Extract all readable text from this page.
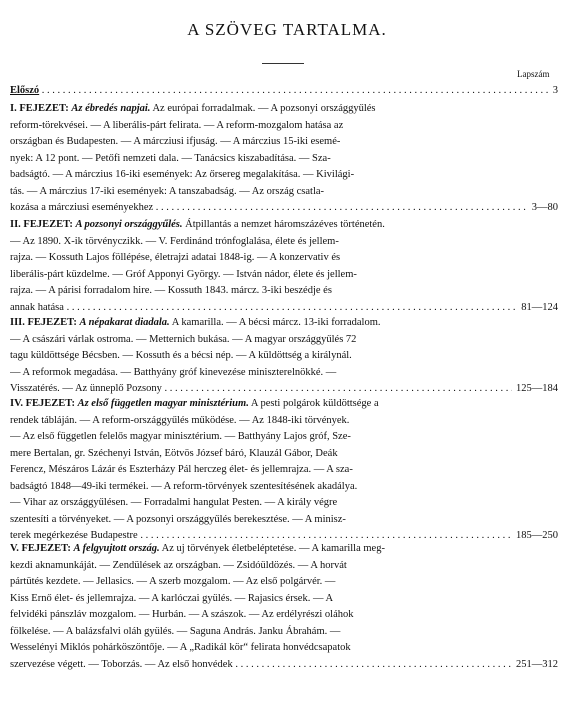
A SZÖVEG TARTALMA.
Lapszám
Előszó . . .	3
I. FEJEZET: Az ébredés napjai. Az európai forradalmak. — A pozsonyi országgyűlés
reform-törekvései. — A liberális-párt felirata. — A reform-mozgalom hatása az
országban és Budapesten. — A márcziusi ifjuság. — A márczius 15-iki esemé-
nyek: A 12 pont. — Petőfi nemzeti dala. — Tanácsics kiszabadítása. — Sza-
badságtó. — A márczius 16-iki események: Az őrsereg megalakítása. — Kivilági-
tás. — A márczius 17-iki események: A tanszabadság. — Az ország csatla-
kozása a márcziusi eseményekhez . . .	3—80
II. FEJEZET: A pozsonyi országgyűlés. Átpillantás a nemzet háromszázéves történetén.
— Az 1890. X-ik törvényczikk. — V. Ferdinánd trónfoglalása, élete és jellem-
rajza. — Kossuth Lajos föllépése, életrajzi adatai 1848-ig. — A konzervativ és
liberális-párt küzdelme. — Gróf Apponyi György. — István nádor, élete és jellem-
rajza. — A párisi forradalom hire. — Kossuth 1843. márcz. 3-iki beszédje és
annak hatása . . .	81—124
III. FEJEZET: A népakarat diadala. A kamarilla. — A bécsi márcz. 13-iki forradalom.
— A császári várlak ostroma. — Metternich bukása. — A magyar országgyűlés 72
tagu küldöttsége Bécsben. — Kossuth és a bécsi nép. — A küldöttség a királynál.
— A reformok megadása. — Batthyány gróf kinevezése miniszterelnökké. —
Visszatérés. — Az ünneplő Pozsony . . .	125—184
IV. FEJEZET: Az első független magyar minisztérium. A pesti polgárok küldöttsége a
rendek tábláján. — A reform-országgyűlés működése. — Az 1848-iki törvények.
— Az első független felelős magyar minisztérium. — Batthyány Lajos gróf, Sze-
mere Bertalan, gr. Széchenyi István, Eötvös József báró, Klauzál Gábor, Deák
Ferencz, Mészáros Lázár és Eszterházy Pál herczeg élet- és jellemrajza. — A sza-
badságtó 1848—49-iki termékei. — A reform-törvények szentesítésének akadálya.
— Vihar az országgyűlésen. — Forradalmi hangulat Pesten. — A király végre
szentesíti a törvényeket. — A pozsonyi országgyűlés berekesztése. — A minisz-
terek megérkezése Budapestre . . .	185—250
V. FEJEZET: A felgyujtott ország. Az uj törvények életbeléptetése. — A kamarilla meg-
kezdi aknamunkáját. — Zendülések az országban. — Zsidóüldözés. — A horvát
pártütés kezdete. — Jellasics. — A szerb mozgalom. — Az első polgárvér. —
Kiss Ernő élet- és jellemrajza. — A karlóczai gyülés. — Rajasics érsek. — A
felvidéki pánszláv mozgalom. — Hurbán. — A szászok. — Az erdélyrészi oláhok
fölkelése. — A balázsfalvi oláh gyülés. — Saguna András. Janku Ábrahám. —
Wesselényi Miklós pohárköszöntője. — A „Radikál kör“ felirata honvédcsapatok
szervezése végett. — Toborzás. — Az első honvédek . . .	251—312
